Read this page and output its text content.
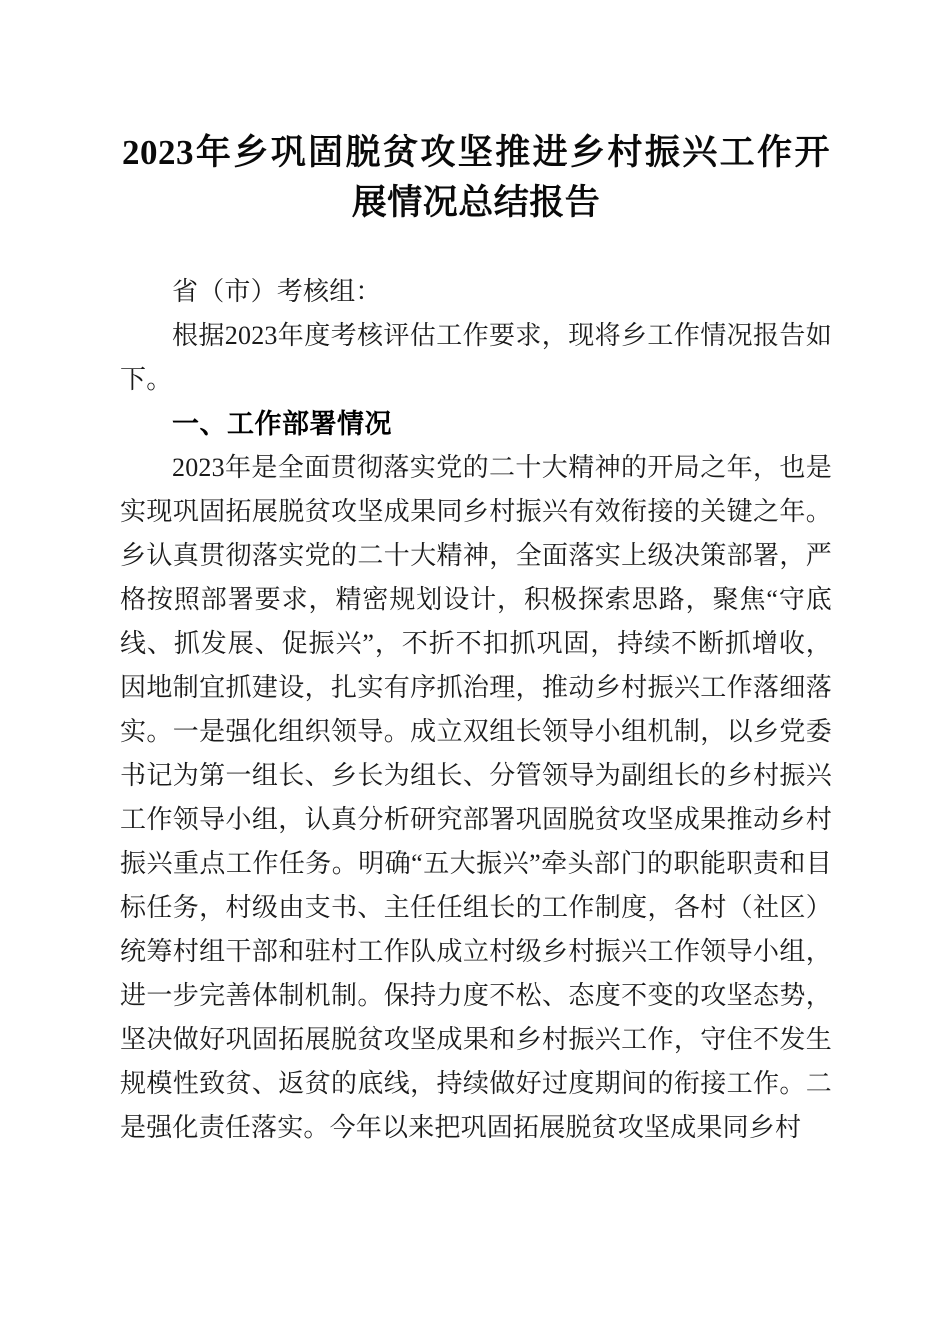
2023年乡巩固脱贫攻坚推进乡村振兴工作开
展情况总结报告

省（市）考核组：

根据2023年度考核评估工作要求，现将乡工作情况报告如下。

一、工作部署情况

2023年是全面贯彻落实党的二十大精神的开局之年，也是实现巩固拓展脱贫攻坚成果同乡村振兴有效衔接的关键之年。乡认真贯彻落实党的二十大精神，全面落实上级决策部署，严格按照部署要求，精密规划设计，积极探索思路，聚焦“守底线、抓发展、促振兴”，不折不扣抓巩固，持续不断抓增收，因地制宜抓建设，扎实有序抓治理，推动乡村振兴工作落细落实。一是强化组织领导。成立双组长领导小组机制，以乡党委书记为第一组长、乡长为组长、分管领导为副组长的乡村振兴工作领导小组，认真分析研究部署巩固脱贫攻坚成果推动乡村振兴重点工作任务。明确“五大振兴”牵头部门的职能职责和目标任务，村级由支书、主任任组长的工作制度，各村（社区）统筹村组干部和驻村工作队成立村级乡村振兴工作领导小组，进一步完善体制机制。保持力度不松、态度不变的攻坚态势，坚决做好巩固拓展脱贫攻坚成果和乡村振兴工作，守住不发生规模性致贫、返贫的底线，持续做好过度期间的衔接工作。二是强化责任落实。今年以来把巩固拓展脱贫攻坚成果同乡村
